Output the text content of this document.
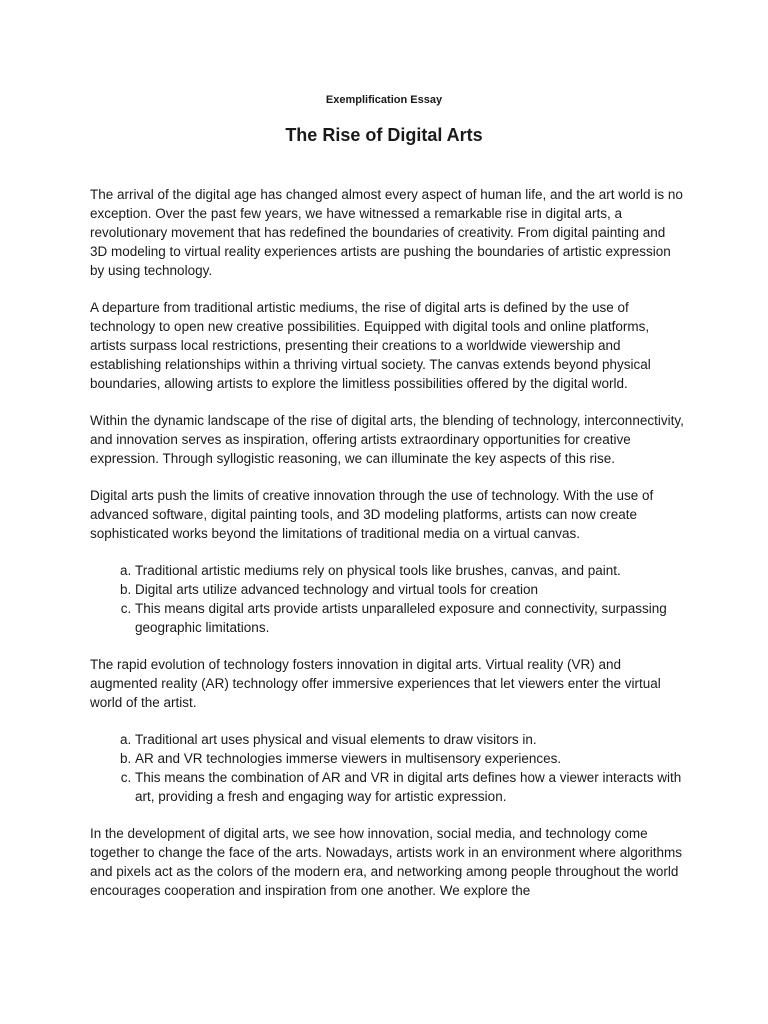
Exemplification Essay
The Rise of Digital Arts

The arrival of the digital age has changed almost every aspect of human life, and the art world is no exception. Over the past few years, we have witnessed a remarkable rise in digital arts, a revolutionary movement that has redefined the boundaries of creativity. From digital painting and 3D modeling to virtual reality experiences artists are pushing the boundaries of artistic expression by using technology.

A departure from traditional artistic mediums, the rise of digital arts is defined by the use of technology to open new creative possibilities. Equipped with digital tools and online platforms, artists surpass local restrictions, presenting their creations to a worldwide viewership and establishing relationships within a thriving virtual society. The canvas extends beyond physical boundaries, allowing artists to explore the limitless possibilities offered by the digital world.

Within the dynamic landscape of the rise of digital arts, the blending of technology, interconnectivity, and innovation serves as inspiration, offering artists extraordinary opportunities for creative expression. Through syllogistic reasoning, we can illuminate the key aspects of this rise.

Digital arts push the limits of creative innovation through the use of technology. With the use of advanced software, digital painting tools, and 3D modeling platforms, artists can now create sophisticated works beyond the limitations of traditional media on a virtual canvas.

a. Traditional artistic mediums rely on physical tools like brushes, canvas, and paint.
b. Digital arts utilize advanced technology and virtual tools for creation
c. This means digital arts provide artists unparalleled exposure and connectivity, surpassing geographic limitations.

The rapid evolution of technology fosters innovation in digital arts. Virtual reality (VR) and augmented reality (AR) technology offer immersive experiences that let viewers enter the virtual world of the artist.

a. Traditional art uses physical and visual elements to draw visitors in.
b. AR and VR technologies immerse viewers in multisensory experiences.
c. This means the combination of AR and VR in digital arts defines how a viewer interacts with art, providing a fresh and engaging way for artistic expression.

In the development of digital arts, we see how innovation, social media, and technology come together to change the face of the arts. Nowadays, artists work in an environment where algorithms and pixels act as the colors of the modern era, and networking among people throughout the world encourages cooperation and inspiration from one another. We explore the
